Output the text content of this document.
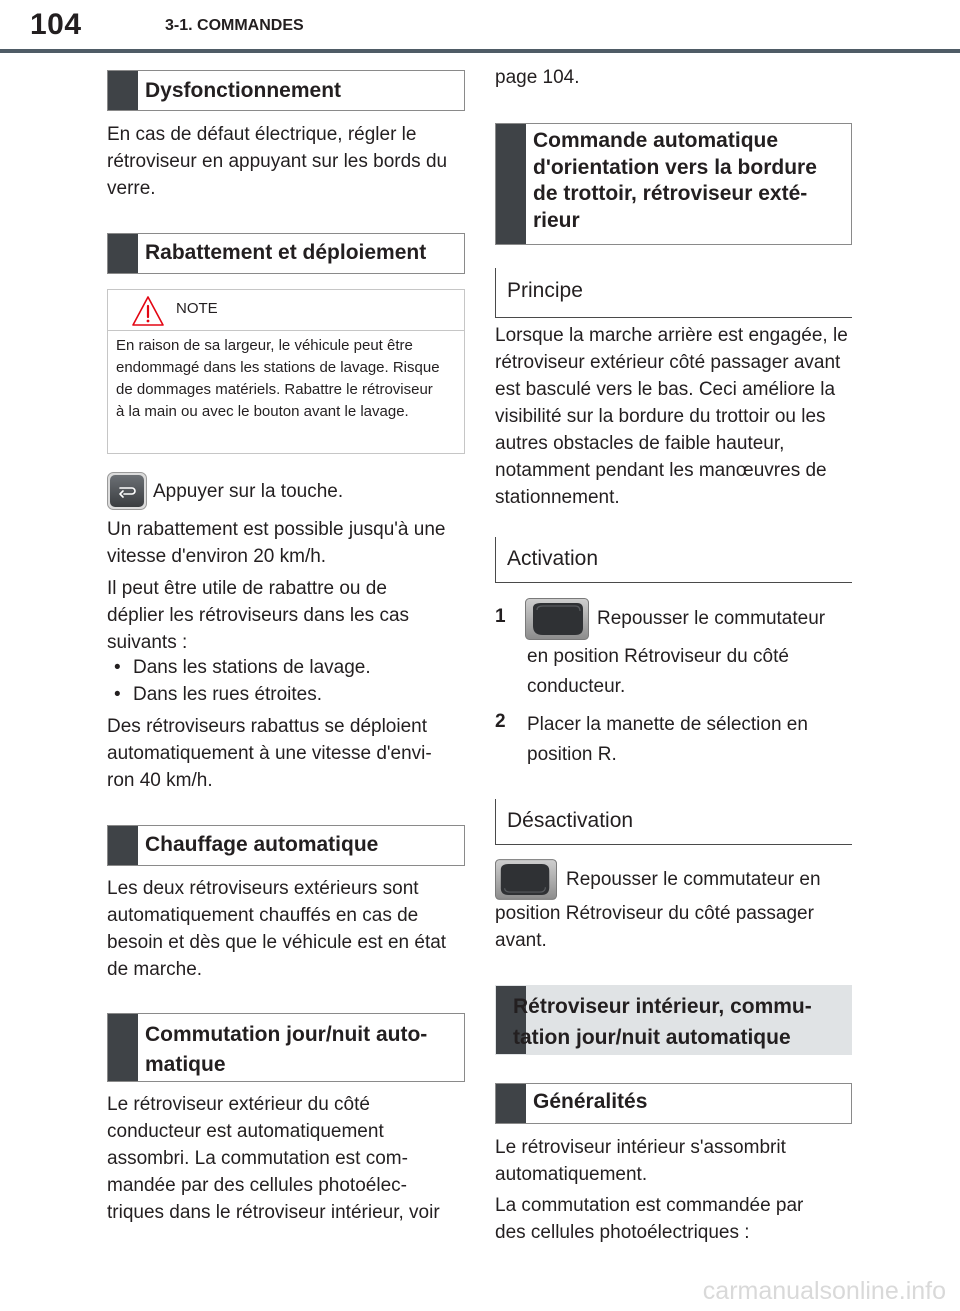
104	3-1. COMMANDES
Dysfonctionnement

En cas de défaut électrique, régler le rétroviseur en appuyant sur les bords du verre.

Rabattement et déploiement
NOTE
En raison de sa largeur, le véhicule peut être endommagé dans les stations de lavage. Risque de dommages matériels. Rabattre le rétroviseur à la main ou avec le bouton avant le lavage.

Appuyer sur la touche.

Un rabattement est possible jusqu'à une vitesse d'environ 20 km/h.

Il peut être utile de rabattre ou de déplier les rétroviseurs dans les cas suivants :

• Dans les stations de lavage.
• Dans les rues étroites.

Des rétroviseurs rabattus se déploient automatiquement à une vitesse d'envi-ron 40 km/h.

Chauffage automatique

Les deux rétroviseurs extérieurs sont automatiquement chauffés en cas de besoin et dès que le véhicule est en état de marche.

Commutation jour/nuit auto-
matique

Le rétroviseur extérieur du côté conducteur est automatiquement assombri. La commutation est com-mandée par des cellules photoélec-triques dans le rétroviseur intérieur, voir

page 104.

Commande automatique
d'orientation vers la bordure
de trottoir, rétroviseur exté-
rieur
Principe

Lorsque la marche arrière est engagée, le rétroviseur extérieur côté passager avant est basculé vers le bas. Ceci améliore la visibilité sur la bordure du trottoir ou les autres obstacles de faible hauteur, notamment pendant les manœuvres de stationnement.

Activation
1	Repousser le commutateur

en position Rétroviseur du côté

conducteur.

2 Placer la manette de sélection en

position R.

Désactivation

Repousser le commutateur en

position Rétroviseur du côté passager

avant.

Rétroviseur intérieur, commu-
tation jour/nuit automatique
Généralités

Le rétroviseur intérieur s'assombrit automatiquement.

La commutation est commandée par des cellules photoélectriques :

carmanualsonline.info
